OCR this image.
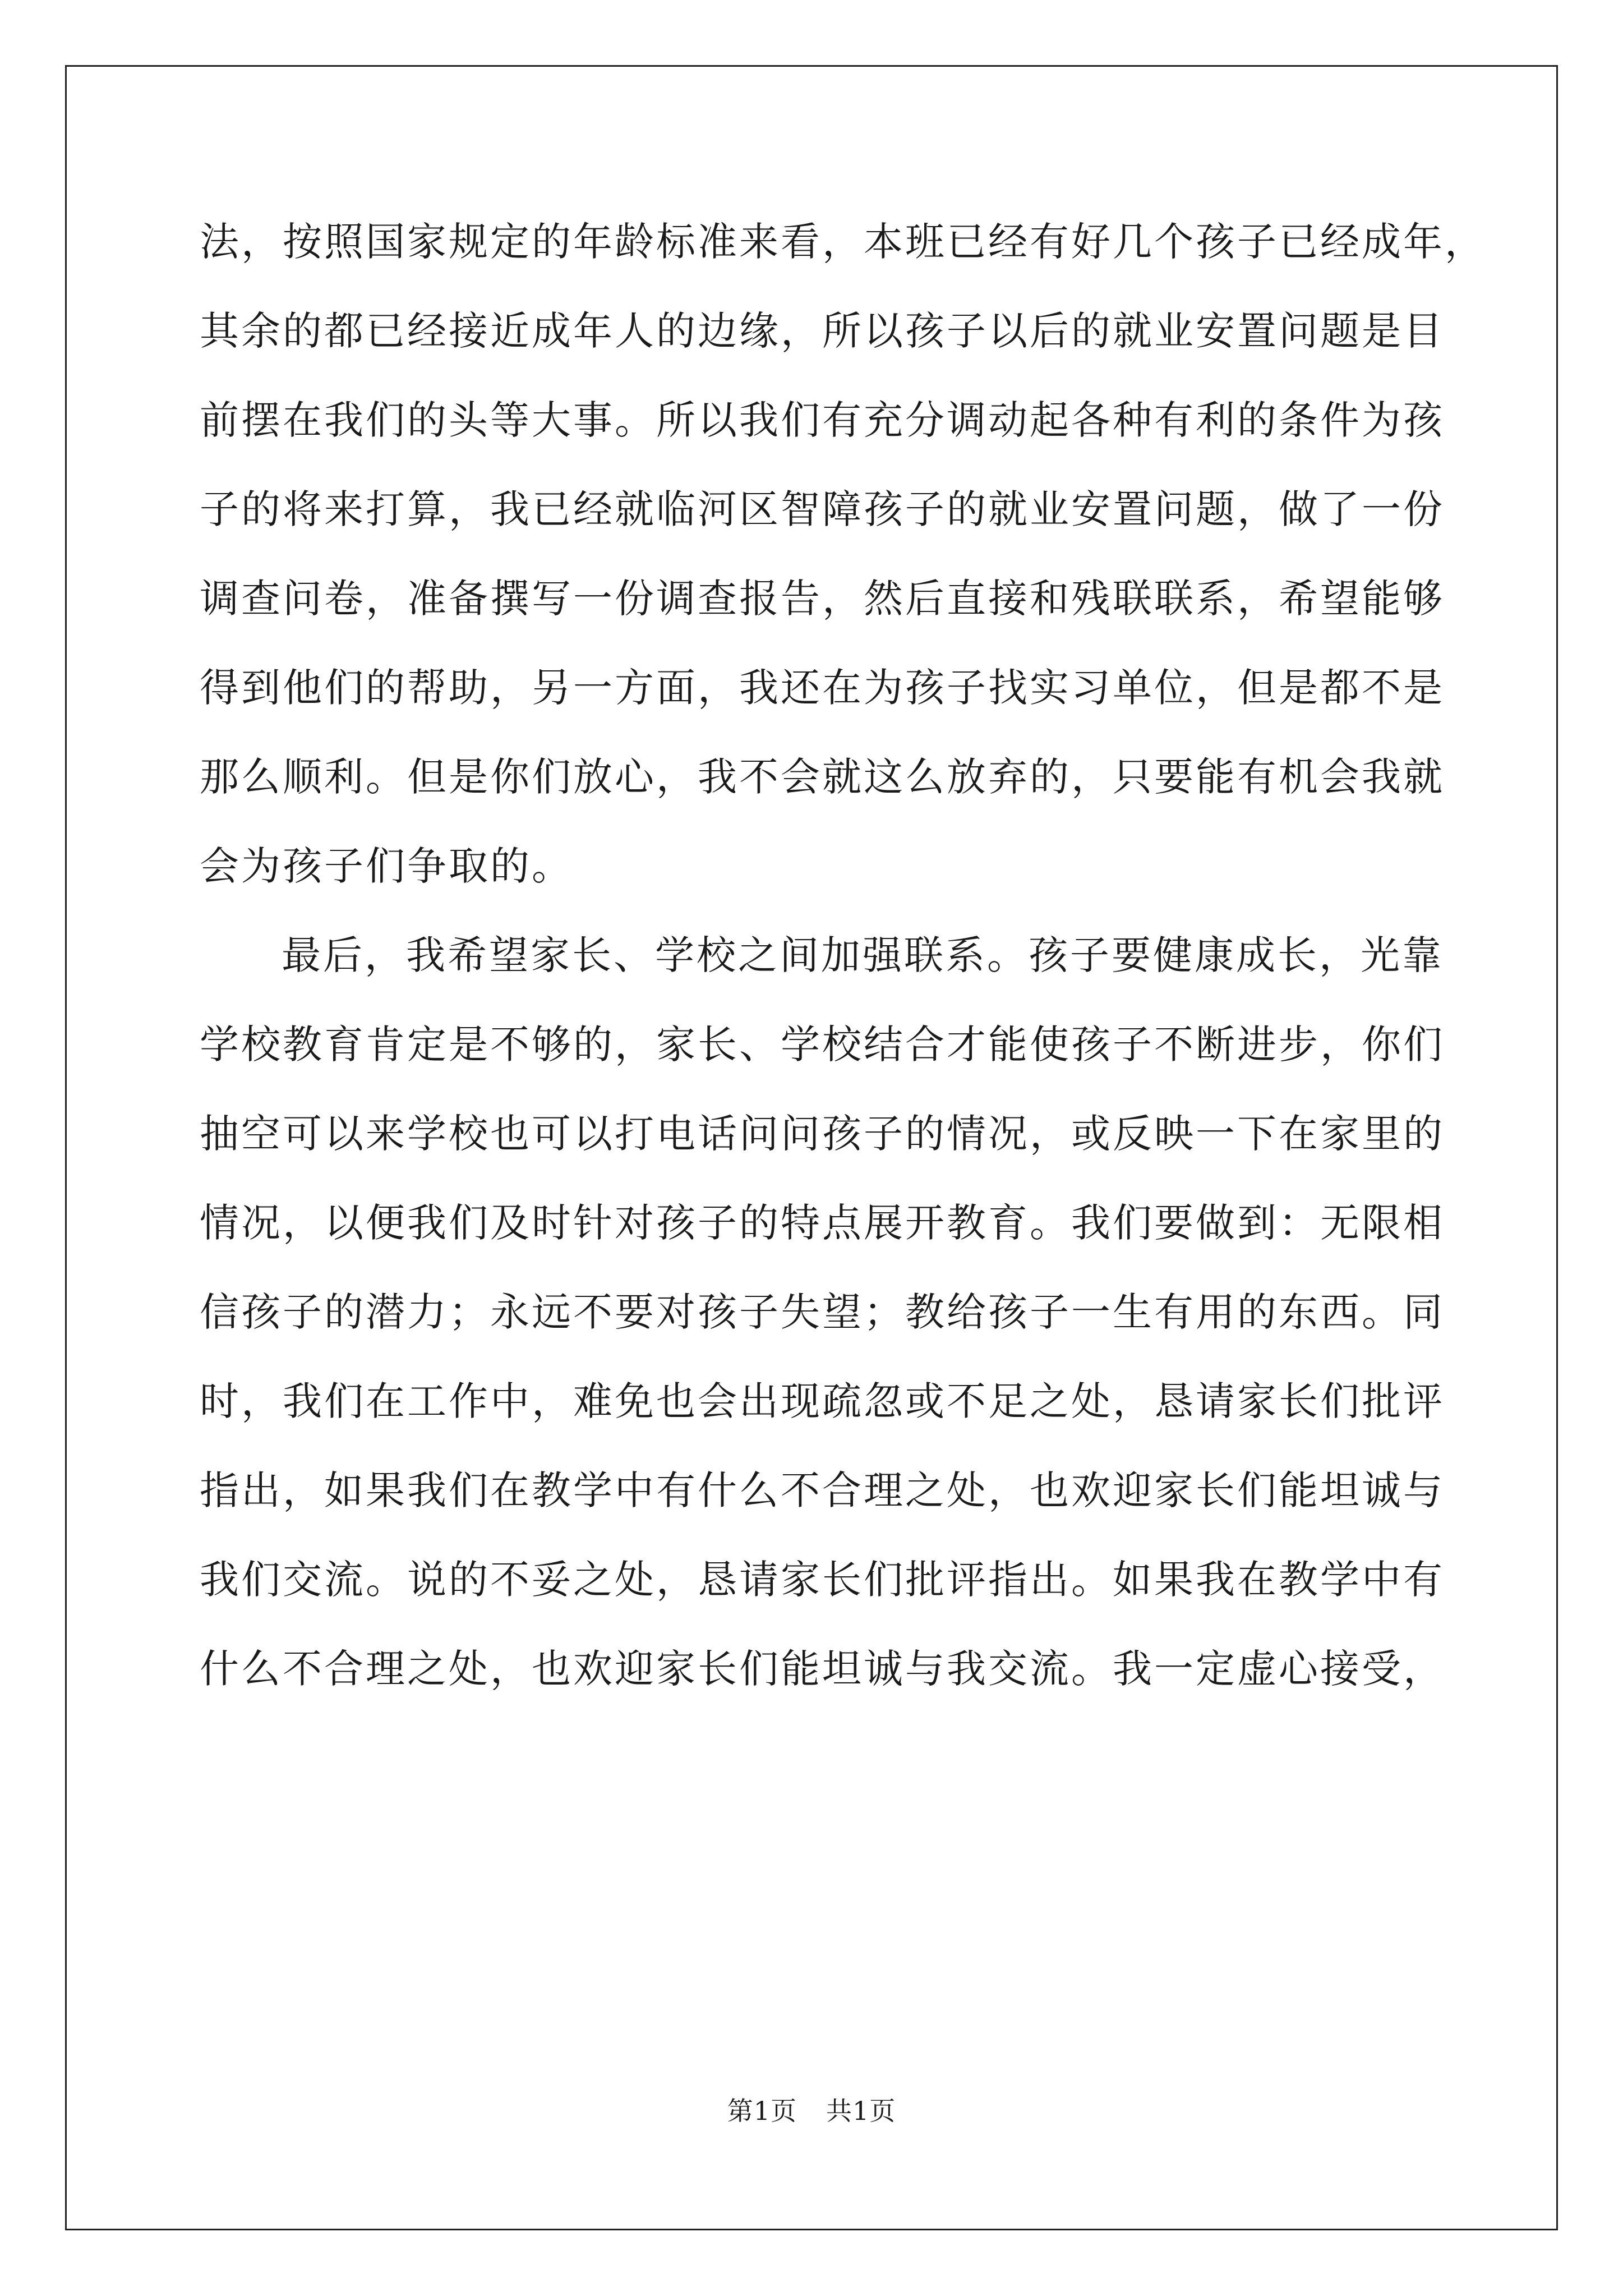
法，按照国家规定的年龄标准来看，本班已经有好几个孩子已经成年，
其余的都已经接近成年人的边缘，所以孩子以后的就业安置问题是目
前摆在我们的头等大事。所以我们有充分调动起各种有利的条件为孩
子的将来打算，我已经就临河区智障孩子的就业安置问题，做了一份
调查问卷，准备撰写一份调查报告，然后直接和残联联系，希望能够
得到他们的帮助，另一方面，我还在为孩子找实习单位，但是都不是
那么顺利。但是你们放心，我不会就这么放弃的，只要能有机会我就
会为孩子们争取的。
最后，我希望家长、学校之间加强联系。孩子要健康成长，光靠
学校教育肯定是不够的，家长、学校结合才能使孩子不断进步，你们
抽空可以来学校也可以打电话问问孩子的情况，或反映一下在家里的
情况，以便我们及时针对孩子的特点展开教育。我们要做到：无限相
信孩子的潜力；永远不要对孩子失望；教给孩子一生有用的东西。同
时，我们在工作中，难免也会出现疏忽或不足之处，恳请家长们批评
指出，如果我们在教学中有什么不合理之处，也欢迎家长们能坦诚与
我们交流。说的不妥之处，恳请家长们批评指出。如果我在教学中有
什么不合理之处，也欢迎家长们能坦诚与我交流。我一定虚心接受，
第1页 共1页
